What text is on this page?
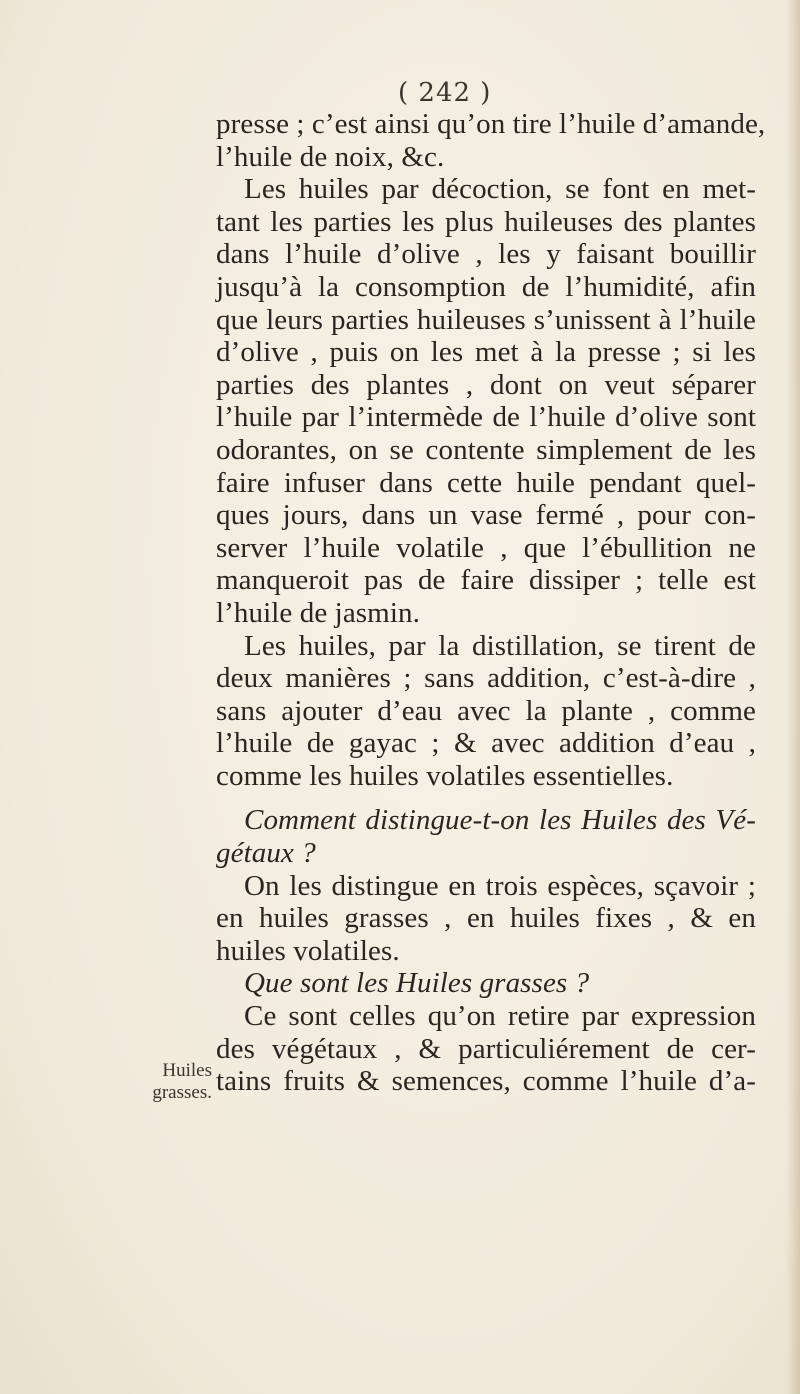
( 242 )
Huiles
grasses.
presse ; c’est ainsi qu’on tire l’huile d’amande,
l’huile de noix, &c.
Les huiles par décoction, se font en met-
tant les parties les plus huileuses des plantes
dans l’huile d’olive , les y faisant bouillir
jusqu’à la consomption de l’humidité, afin
que leurs parties huileuses s’unissent à l’huile
d’olive , puis on les met à la presse ; si les
parties des plantes , dont on veut séparer
l’huile par l’intermède de l’huile d’olive sont
odorantes, on se contente simplement de les
faire infuser dans cette huile pendant quel-
ques jours, dans un vase fermé , pour con-
server l’huile volatile , que l’ébullition ne
manqueroit pas de faire dissiper ; telle est
l’huile de jasmin.
Les huiles, par la distillation, se tirent de
deux manières ; sans addition, c’est-à-dire ,
sans ajouter d’eau avec la plante , comme
l’huile de gayac ; & avec addition d’eau ,
comme les huiles volatiles essentielles.
Comment distingue-t-on les Huiles des Vé-
gétaux ?
On les distingue en trois espèces, sçavoir ;
en huiles grasses , en huiles fixes , & en
huiles volatiles.
Que sont les Huiles grasses ?
Ce sont celles qu’on retire par expression
des végétaux , & particuliérement de cer-
tains fruits & semences, comme l’huile d’a-
